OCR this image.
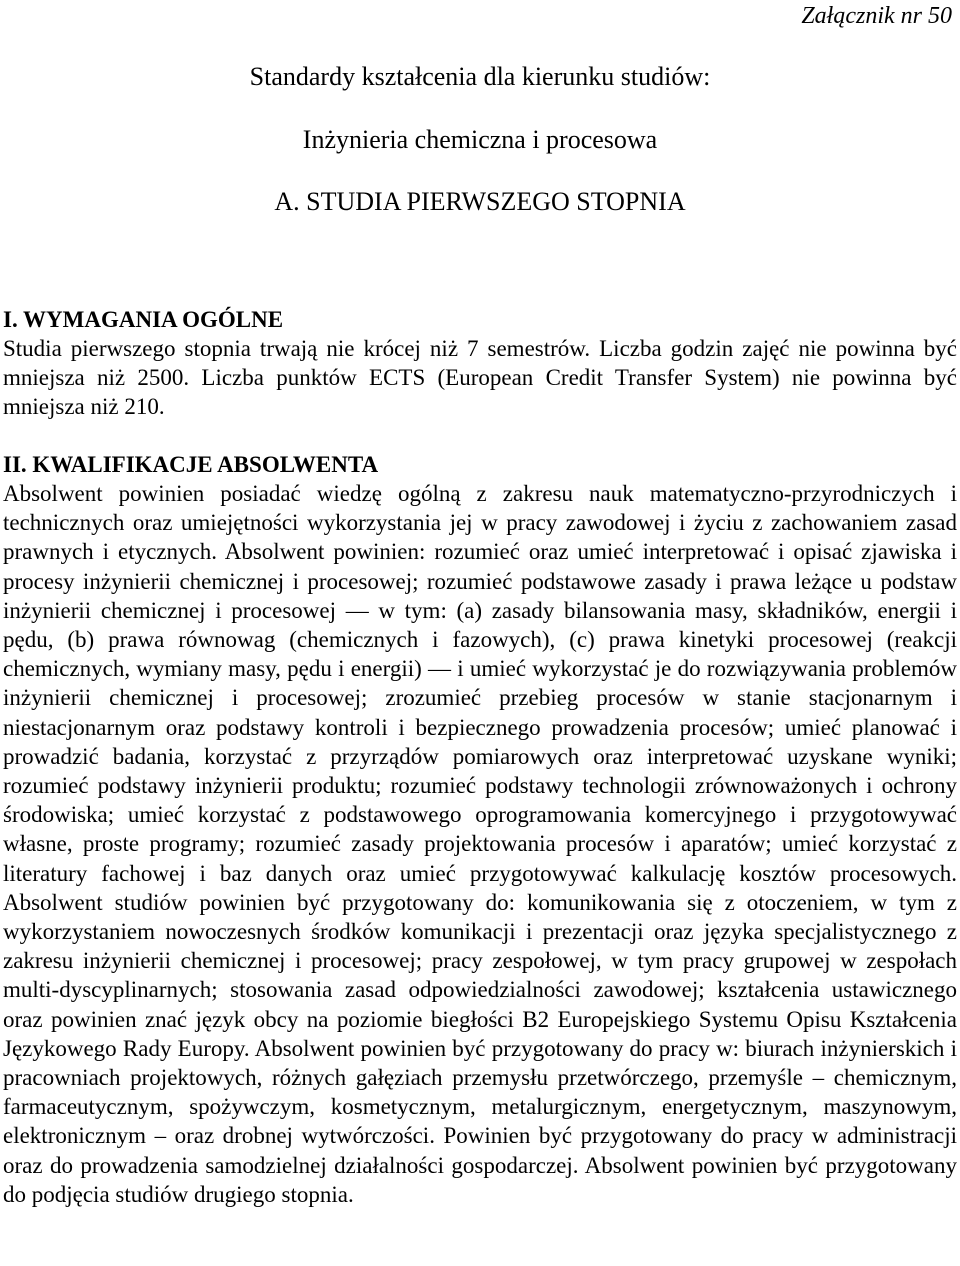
Załącznik nr 50
Standardy kształcenia dla kierunku studiów:
Inżynieria chemiczna i procesowa
A. STUDIA PIERWSZEGO STOPNIA
I. WYMAGANIA OGÓLNE

Studia pierwszego stopnia trwają nie krócej niż 7 semestrów. Liczba godzin zajęć nie powinna być mniejsza niż 2500. Liczba punktów ECTS (European Credit Transfer System) nie powinna być mniejsza niż 210.

II. KWALIFIKACJE ABSOLWENTA

Absolwent powinien posiadać wiedzę ogólną z zakresu nauk matematyczno-przyrodniczych i technicznych oraz umiejętności wykorzystania jej w pracy zawodowej i życiu z zachowaniem zasad prawnych i etycznych. Absolwent powinien: rozumieć oraz umieć interpretować i opisać zjawiska i procesy inżynierii chemicznej i procesowej; rozumieć podstawowe zasady i prawa leżące u podstaw inżynierii chemicznej i procesowej — w tym: (a) zasady bilansowania masy, składników, energii i pędu, (b) prawa równowag (chemicznych i fazowych), (c) prawa kinetyki procesowej (reakcji chemicznych, wymiany masy, pędu i energii) — i umieć wykorzystać je do rozwiązywania problemów inżynierii chemicznej i procesowej; zrozumieć przebieg procesów w stanie stacjonarnym i niestacjonarnym oraz podstawy kontroli i bezpiecznego prowadzenia procesów; umieć planować i prowadzić badania, korzystać z przyrządów pomiarowych oraz interpretować uzyskane wyniki; rozumieć podstawy inżynierii produktu; rozumieć podstawy technologii zrównoważonych i ochrony środowiska; umieć korzystać z podstawowego oprogramowania komercyjnego i przygotowywać własne, proste programy; rozumieć zasady projektowania procesów i aparatów; umieć korzystać z literatury fachowej i baz danych oraz umieć przygotowywać kalkulację kosztów procesowych. Absolwent studiów powinien być przygotowany do: komunikowania się z otoczeniem, w tym z wykorzystaniem nowoczesnych środków komunikacji i prezentacji oraz języka specjalistycznego z zakresu inżynierii chemicznej i procesowej; pracy zespołowej, w tym pracy grupowej w zespołach multi-dyscyplinarnych; stosowania zasad odpowiedzialności zawodowej; kształcenia ustawicznego oraz powinien znać język obcy na poziomie biegłości B2 Europejskiego Systemu Opisu Kształcenia Językowego Rady Europy. Absolwent powinien być przygotowany do pracy w: biurach inżynierskich i pracowniach projektowych, różnych gałęziach przemysłu przetwórczego, przemyśle – chemicznym, farmaceutycznym, spożywczym, kosmetycznym, metalurgicznym, energetycznym, maszynowym, elektronicznym – oraz drobnej wytwórczości. Powinien być przygotowany do pracy w administracji oraz do prowadzenia samodzielnej działalności gospodarczej. Absolwent powinien być przygotowany do podjęcia studiów drugiego stopnia.
